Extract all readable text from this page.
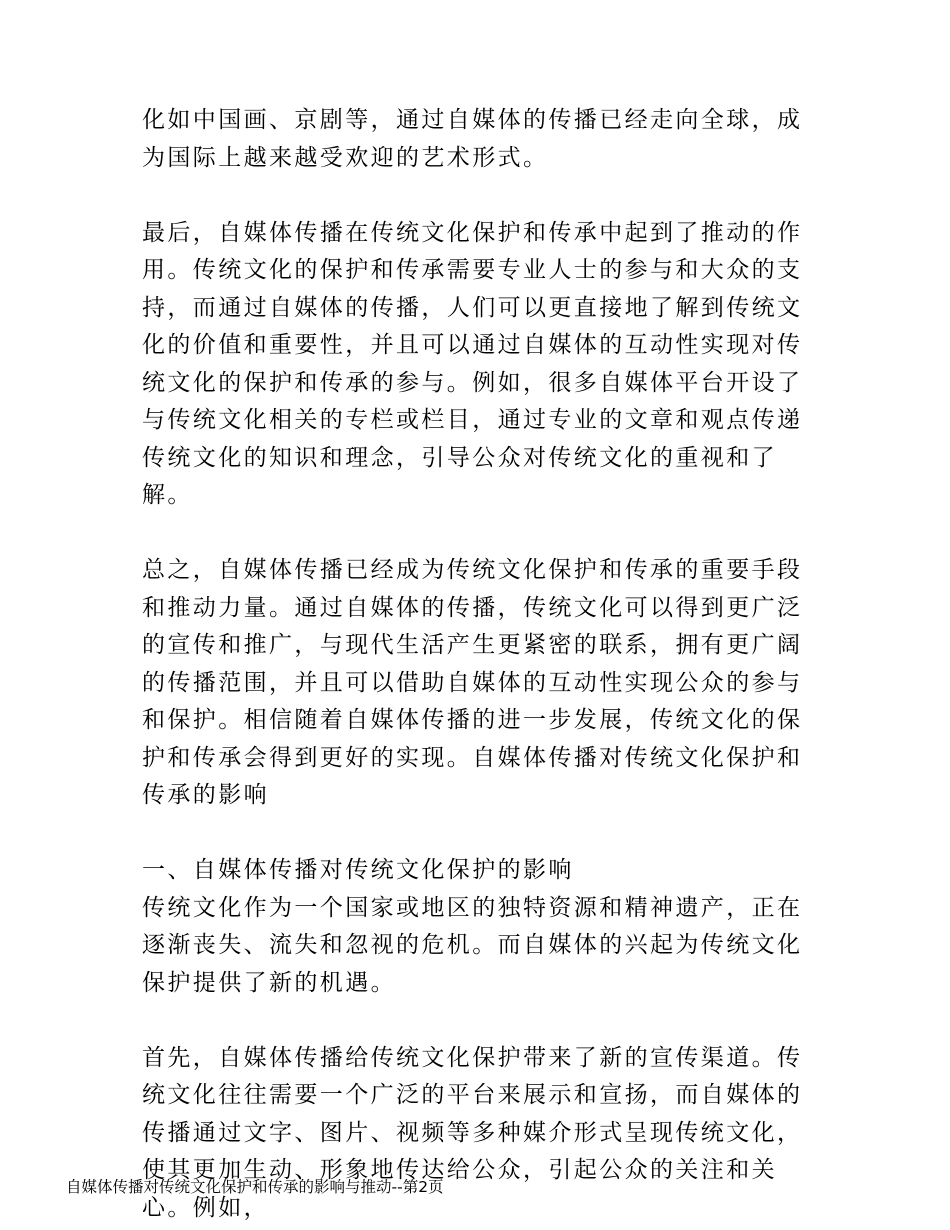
化如中国画、京剧等，通过自媒体的传播已经走向全球，成为国际上越来越受欢迎的艺术形式。

最后，自媒体传播在传统文化保护和传承中起到了推动的作用。传统文化的保护和传承需要专业人士的参与和大众的支持，而通过自媒体的传播，人们可以更直接地了解到传统文化的价值和重要性，并且可以通过自媒体的互动性实现对传统文化的保护和传承的参与。例如，很多自媒体平台开设了与传统文化相关的专栏或栏目，通过专业的文章和观点传递传统文化的知识和理念，引导公众对传统文化的重视和了解。

总之，自媒体传播已经成为传统文化保护和传承的重要手段和推动力量。通过自媒体的传播，传统文化可以得到更广泛的宣传和推广，与现代生活产生更紧密的联系，拥有更广阔的传播范围，并且可以借助自媒体的互动性实现公众的参与和保护。相信随着自媒体传播的进一步发展，传统文化的保护和传承会得到更好的实现。自媒体传播对传统文化保护和传承的影响

一、自媒体传播对传统文化保护的影响

传统文化作为一个国家或地区的独特资源和精神遗产，正在逐渐丧失、流失和忽视的危机。而自媒体的兴起为传统文化保护提供了新的机遇。

首先，自媒体传播给传统文化保护带来了新的宣传渠道。传统文化往往需要一个广泛的平台来展示和宣扬，而自媒体的传播通过文字、图片、视频等多种媒介形式呈现传统文化，使其更加生动、形象地传达给公众，引起公众的关注和关心。例如，

自媒体传播对传统文化保护和传承的影响与推动--第2页
